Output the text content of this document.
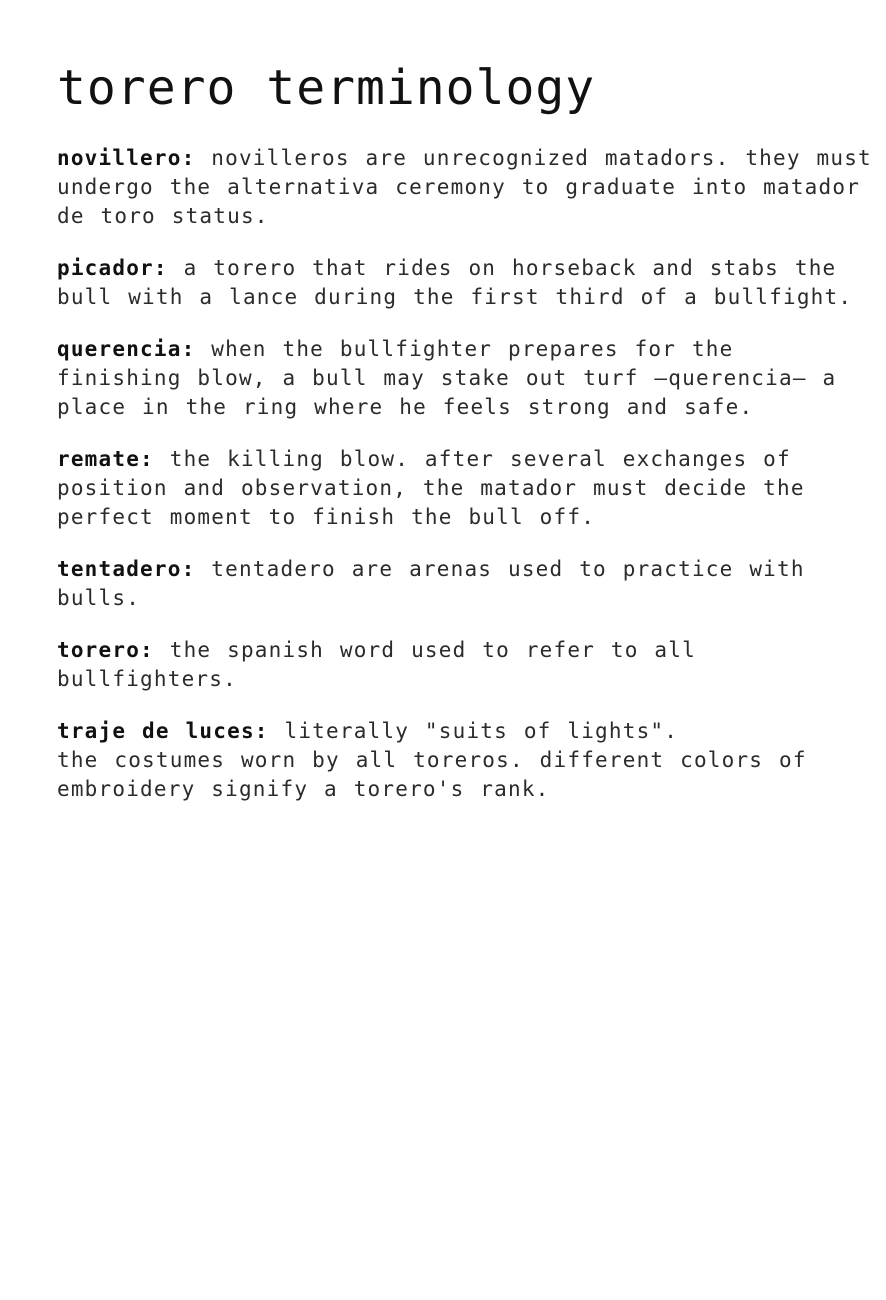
torero terminology

novillero: novilleros are unrecognized matadors. they must undergo the alternativa ceremony to graduate into matador de toro status.

picador: a torero that rides on horseback and stabs the bull with a lance during the first third of a bullfight.

querencia: when the bullfighter prepares for the finishing blow, a bull may stake out turf —querencia— a place in the ring where he feels strong and safe.

remate: the killing blow. after several exchanges of position and observation, the matador must decide the perfect moment to finish the bull off.

tentadero: tentadero are arenas used to practice with bulls.

torero: the spanish word used to refer to all bullfighters.

traje de luces: literally "suits of lights".
the costumes worn by all toreros. different colors of embroidery signify a torero's rank.
